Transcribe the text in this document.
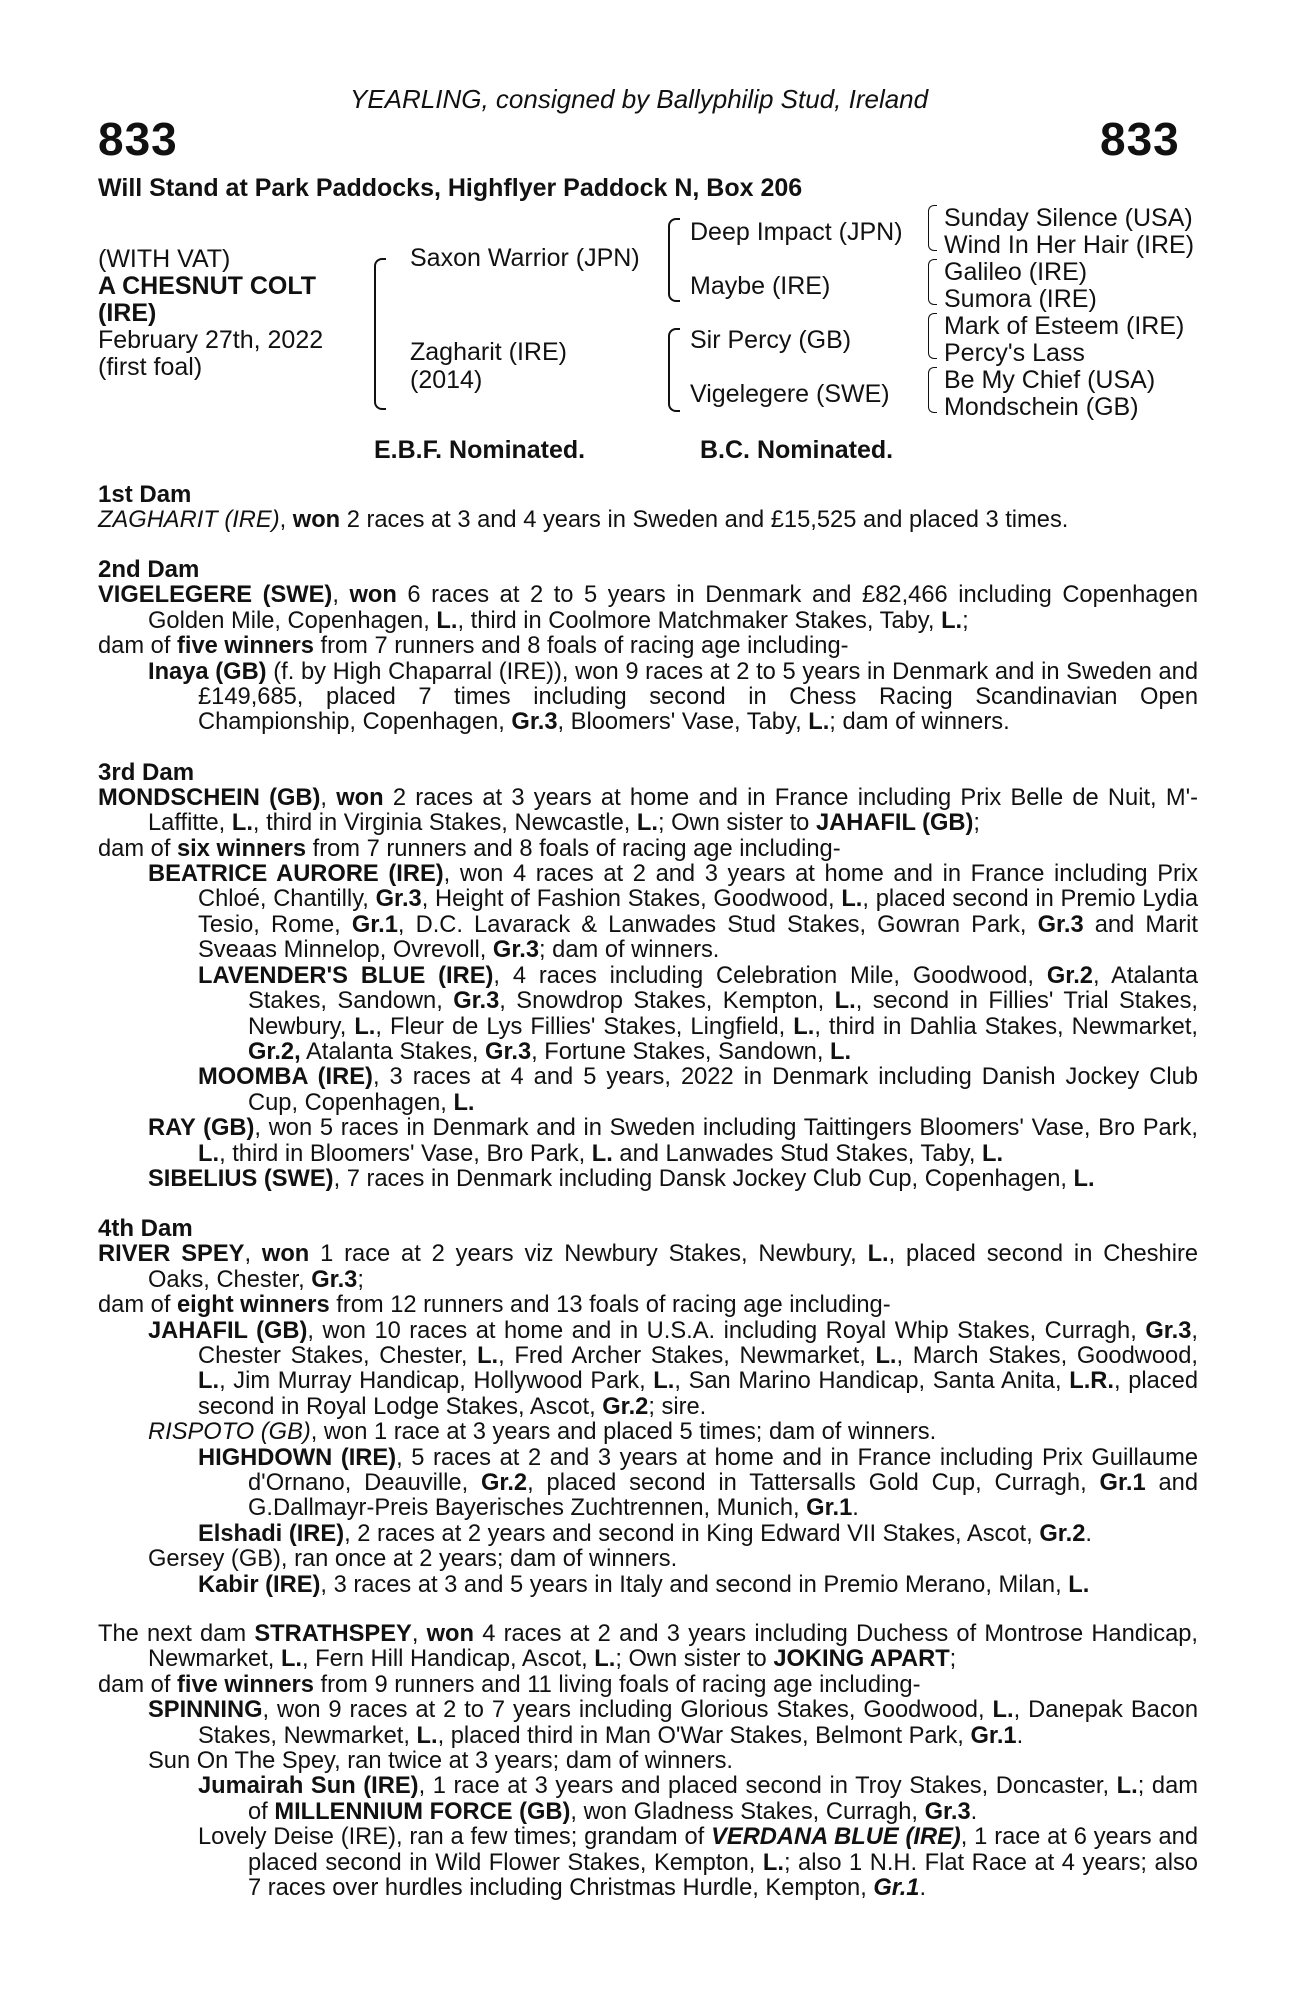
YEARLING, consigned by Ballyphilip Stud, Ireland
833	833
Will Stand at Park Paddocks, Highflyer Paddock N, Box 206
(WITH VAT)
A CHESNUT COLT
(IRE)
February 27th, 2022
(first foal)
Saxon Warrior (JPN)
Zagharit (IRE)
(2014)
Deep Impact (JPN)
Maybe (IRE)
Sir Percy (GB)
Vigelegere (SWE)
Sunday Silence (USA)
Wind In Her Hair (IRE)
Galileo (IRE)
Sumora (IRE)
Mark of Esteem (IRE)
Percy's Lass
Be My Chief (USA)
Mondschein (GB)
E.B.F. Nominated.	B.C. Nominated.
1st Dam
ZAGHARIT (IRE), won 2 races at 3 and 4 years in Sweden and £15,525 and placed 3 times.
2nd Dam
VIGELEGERE (SWE), won 6 races at 2 to 5 years in Denmark and £82,466 including Copenhagen Golden Mile, Copenhagen, L., third in Coolmore Matchmaker Stakes, Taby, L.;
dam of five winners from 7 runners and 8 foals of racing age including-
Inaya (GB) (f. by High Chaparral (IRE)), won 9 races at 2 to 5 years in Denmark and in Sweden and £149,685, placed 7 times including second in Chess Racing Scandinavian Open Championship, Copenhagen, Gr.3, Bloomers' Vase, Taby, L.; dam of winners.
3rd Dam
MONDSCHEIN (GB), won 2 races at 3 years at home and in France including Prix Belle de Nuit, M'-Laffitte, L., third in Virginia Stakes, Newcastle, L.; Own sister to JAHAFIL (GB);
dam of six winners from 7 runners and 8 foals of racing age including-
BEATRICE AURORE (IRE), won 4 races at 2 and 3 years at home and in France including Prix Chloé, Chantilly, Gr.3, Height of Fashion Stakes, Goodwood, L., placed second in Premio Lydia Tesio, Rome, Gr.1, D.C. Lavarack & Lanwades Stud Stakes, Gowran Park, Gr.3 and Marit Sveaas Minnelop, Ovrevoll, Gr.3; dam of winners.
LAVENDER'S BLUE (IRE), 4 races including Celebration Mile, Goodwood, Gr.2, Atalanta Stakes, Sandown, Gr.3, Snowdrop Stakes, Kempton, L., second in Fillies' Trial Stakes, Newbury, L., Fleur de Lys Fillies' Stakes, Lingfield, L., third in Dahlia Stakes, Newmarket, Gr.2, Atalanta Stakes, Gr.3, Fortune Stakes, Sandown, L.
MOOMBA (IRE), 3 races at 4 and 5 years, 2022 in Denmark including Danish Jockey Club Cup, Copenhagen, L.
RAY (GB), won 5 races in Denmark and in Sweden including Taittingers Bloomers' Vase, Bro Park, L., third in Bloomers' Vase, Bro Park, L. and Lanwades Stud Stakes, Taby, L.
SIBELIUS (SWE), 7 races in Denmark including Dansk Jockey Club Cup, Copenhagen, L.
4th Dam
RIVER SPEY, won 1 race at 2 years viz Newbury Stakes, Newbury, L., placed second in Cheshire Oaks, Chester, Gr.3;
dam of eight winners from 12 runners and 13 foals of racing age including-
JAHAFIL (GB), won 10 races at home and in U.S.A. including Royal Whip Stakes, Curragh, Gr.3, Chester Stakes, Chester, L., Fred Archer Stakes, Newmarket, L., March Stakes, Goodwood, L., Jim Murray Handicap, Hollywood Park, L., San Marino Handicap, Santa Anita, L.R., placed second in Royal Lodge Stakes, Ascot, Gr.2; sire.
RISPOTO (GB), won 1 race at 3 years and placed 5 times; dam of winners.
HIGHDOWN (IRE), 5 races at 2 and 3 years at home and in France including Prix Guillaume d'Ornano, Deauville, Gr.2, placed second in Tattersalls Gold Cup, Curragh, Gr.1 and G.Dallmayr-Preis Bayerisches Zuchtrennen, Munich, Gr.1.
Elshadi (IRE), 2 races at 2 years and second in King Edward VII Stakes, Ascot, Gr.2.
Gersey (GB), ran once at 2 years; dam of winners.
Kabir (IRE), 3 races at 3 and 5 years in Italy and second in Premio Merano, Milan, L.
The next dam STRATHSPEY, won 4 races at 2 and 3 years including Duchess of Montrose Handicap, Newmarket, L., Fern Hill Handicap, Ascot, L.; Own sister to JOKING APART;
dam of five winners from 9 runners and 11 living foals of racing age including-
SPINNING, won 9 races at 2 to 7 years including Glorious Stakes, Goodwood, L., Danepak Bacon Stakes, Newmarket, L., placed third in Man O'War Stakes, Belmont Park, Gr.1.
Sun On The Spey, ran twice at 3 years; dam of winners.
Jumairah Sun (IRE), 1 race at 3 years and placed second in Troy Stakes, Doncaster, L.; dam of MILLENNIUM FORCE (GB), won Gladness Stakes, Curragh, Gr.3.
Lovely Deise (IRE), ran a few times; grandam of VERDANA BLUE (IRE), 1 race at 6 years and placed second in Wild Flower Stakes, Kempton, L.; also 1 N.H. Flat Race at 4 years; also 7 races over hurdles including Christmas Hurdle, Kempton, Gr.1.
